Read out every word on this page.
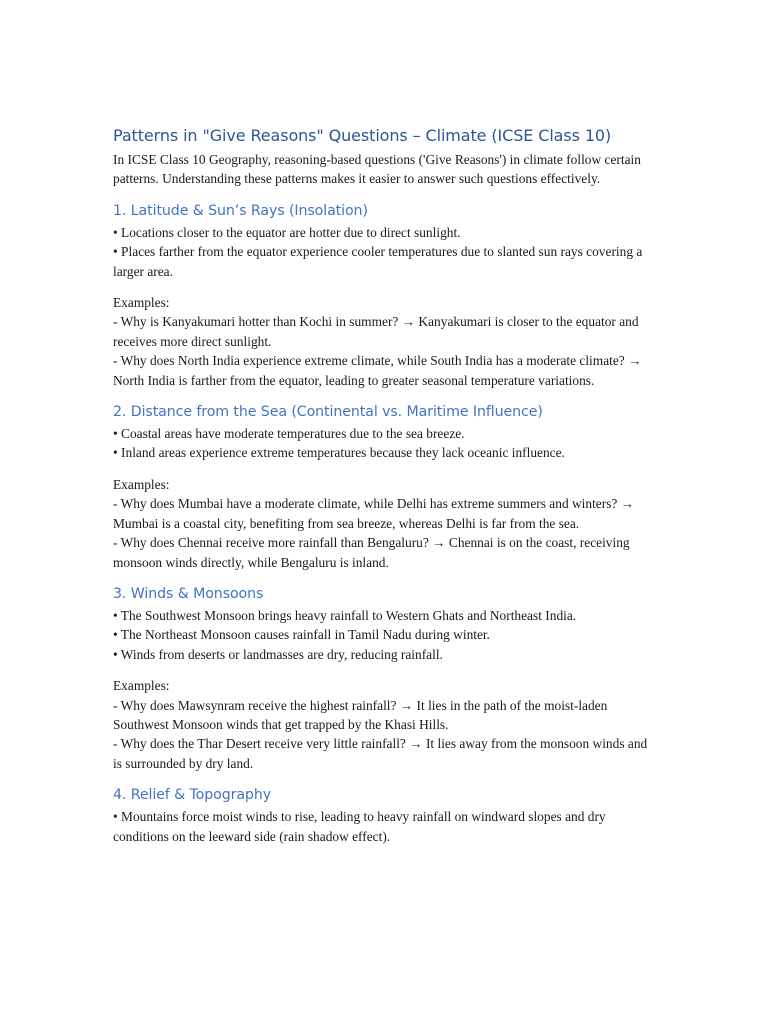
Patterns in "Give Reasons" Questions – Climate (ICSE Class 10)

In ICSE Class 10 Geography, reasoning-based questions ('Give Reasons') in climate follow certain patterns. Understanding these patterns makes it easier to answer such questions effectively.

1. Latitude & Sun’s Rays (Insolation)
• Locations closer to the equator are hotter due to direct sunlight.
• Places farther from the equator experience cooler temperatures due to slanted sun rays covering a larger area.

Examples:

- Why is Kanyakumari hotter than Kochi in summer? → Kanyakumari is closer to the equator and receives more direct sunlight.

- Why does North India experience extreme climate, while South India has a moderate climate? → North India is farther from the equator, leading to greater seasonal temperature variations.

2. Distance from the Sea (Continental vs. Maritime Influence)
• Coastal areas have moderate temperatures due to the sea breeze.
• Inland areas experience extreme temperatures because they lack oceanic influence.

Examples:

- Why does Mumbai have a moderate climate, while Delhi has extreme summers and winters? → Mumbai is a coastal city, benefiting from sea breeze, whereas Delhi is far from the sea.

- Why does Chennai receive more rainfall than Bengaluru? → Chennai is on the coast, receiving monsoon winds directly, while Bengaluru is inland.

3. Winds & Monsoons
• The Southwest Monsoon brings heavy rainfall to Western Ghats and Northeast India.
• The Northeast Monsoon causes rainfall in Tamil Nadu during winter.
• Winds from deserts or landmasses are dry, reducing rainfall.

Examples:

- Why does Mawsynram receive the highest rainfall? → It lies in the path of the moist-laden Southwest Monsoon winds that get trapped by the Khasi Hills.

- Why does the Thar Desert receive very little rainfall? → It lies away from the monsoon winds and is surrounded by dry land.

4. Relief & Topography
• Mountains force moist winds to rise, leading to heavy rainfall on windward slopes and dry conditions on the leeward side (rain shadow effect).
